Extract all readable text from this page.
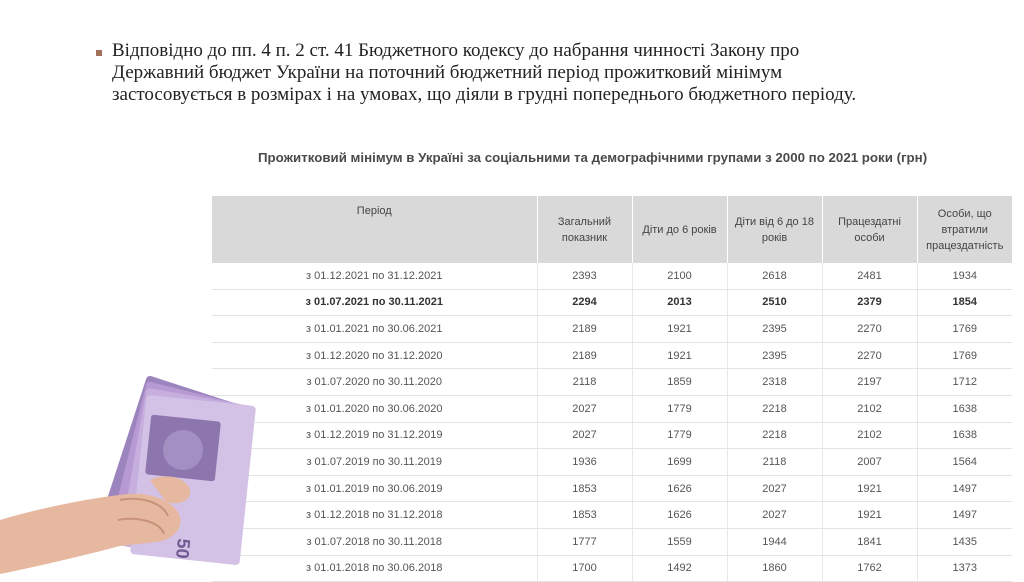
Відповідно до пп. 4 п. 2 ст. 41 Бюджетного кодексу до набрання чинності Закону про Державний бюджет України на поточний бюджетний період прожитковий мінімум застосовується в розмірах і на умовах, що діяли в грудні попереднього бюджетного періоду.

Прожитковий мінімум в Україні за соціальними та демографічними групами з 2000 по 2021 роки (грн)
Період	Загальний показник	Діти до 6 років	Діти від 6 до 18 років	Працездатні особи	Особи, що втратили працездатність
з 01.12.2021 по 31.12.2021	2393	2100	2618	2481	1934
з 01.07.2021 по 30.11.2021	2294	2013	2510	2379	1854
з 01.01.2021 по 30.06.2021	2189	1921	2395	2270	1769
з 01.12.2020 по 31.12.2020	2189	1921	2395	2270	1769
з 01.07.2020 по 30.11.2020	2118	1859	2318	2197	1712
з 01.01.2020 по 30.06.2020	2027	1779	2218	2102	1638
з 01.12.2019 по 31.12.2019	2027	1779	2218	2102	1638
з 01.07.2019 по 30.11.2019	1936	1699	2118	2007	1564
з 01.01.2019 по 30.06.2019	1853	1626	2027	1921	1497
з 01.12.2018 по 31.12.2018	1853	1626	2027	1921	1497
з 01.07.2018 по 30.11.2018	1777	1559	1944	1841	1435
з 01.01.2018 по 30.06.2018	1700	1492	1860	1762	1373
50
